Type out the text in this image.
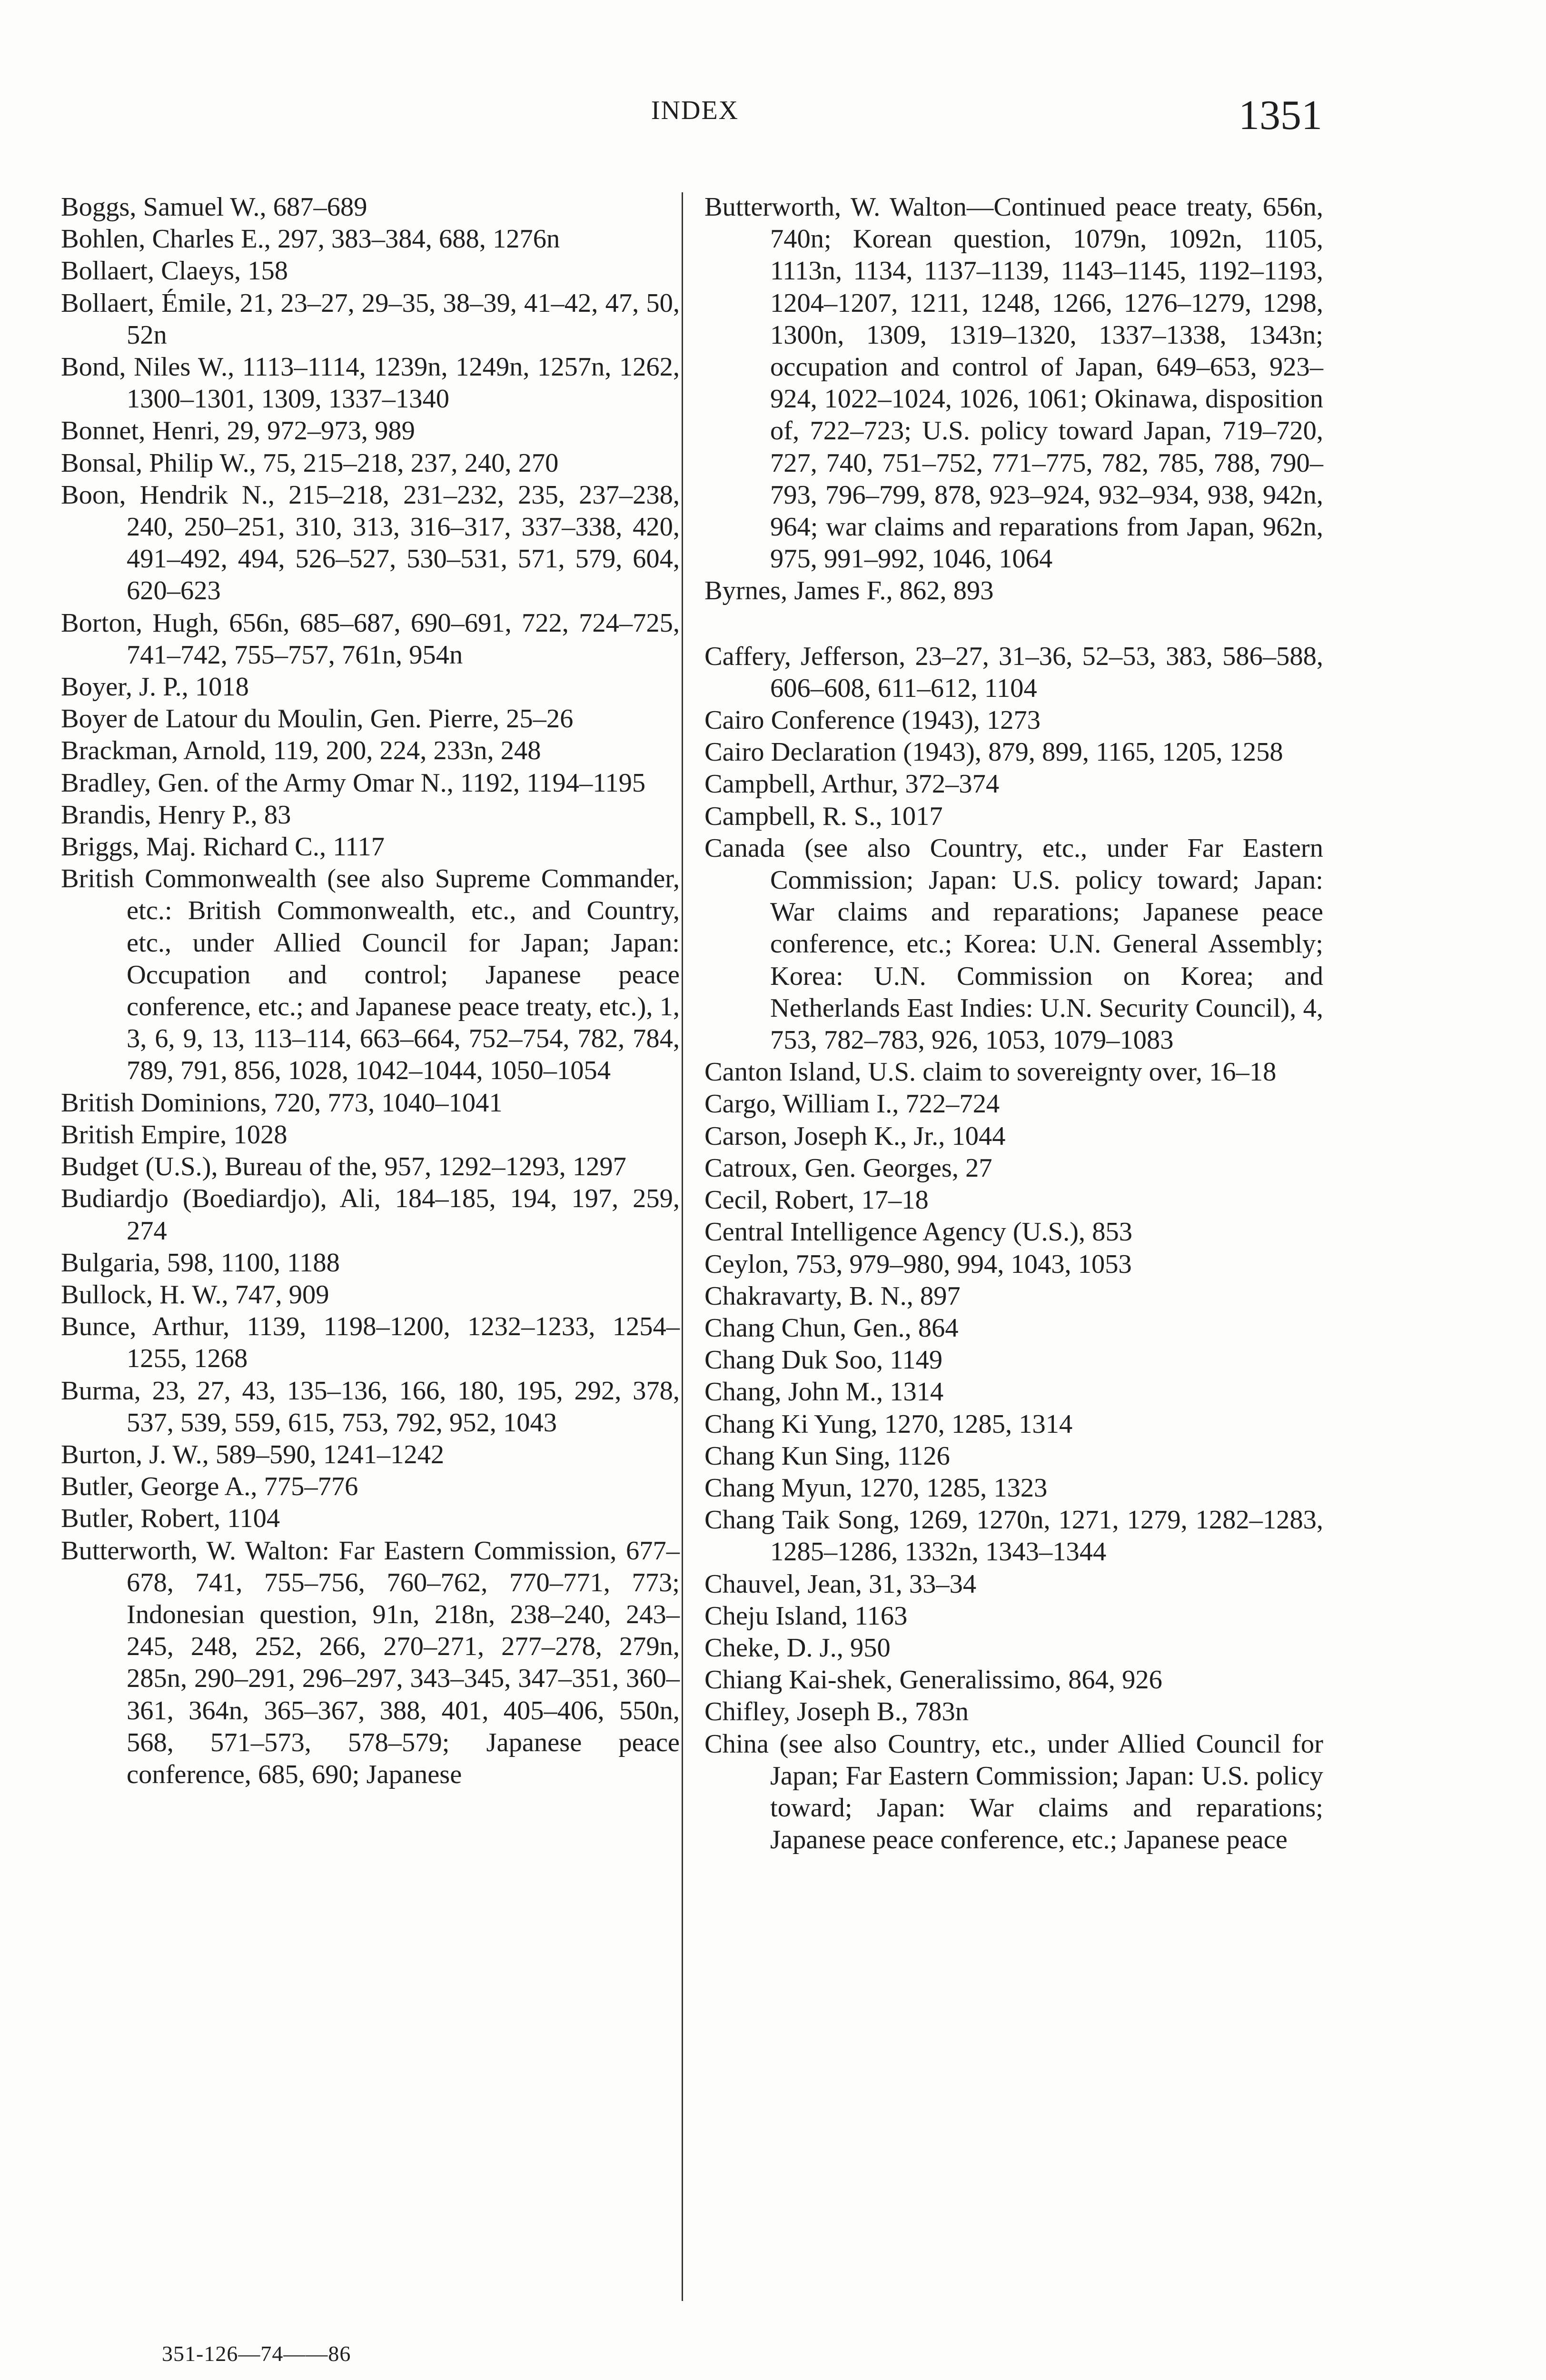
INDEX	1351

Boggs, Samuel W., 687–689

Bohlen, Charles E., 297, 383–384, 688, 1276n

Bollaert, Claeys, 158

Bollaert, Émile, 21, 23–27, 29–35, 38–39, 41–42, 47, 50, 52n

Bond, Niles W., 1113–1114, 1239n, 1249n, 1257n, 1262, 1300–1301, 1309, 1337–1340

Bonnet, Henri, 29, 972–973, 989

Bonsal, Philip W., 75, 215–218, 237, 240, 270

Boon, Hendrik N., 215–218, 231–232, 235, 237–238, 240, 250–251, 310, 313, 316–317, 337–338, 420, 491–492, 494, 526–527, 530–531, 571, 579, 604, 620–623

Borton, Hugh, 656n, 685–687, 690–691, 722, 724–725, 741–742, 755–757, 761n, 954n

Boyer, J. P., 1018

Boyer de Latour du Moulin, Gen. Pierre, 25–26

Brackman, Arnold, 119, 200, 224, 233n, 248

Bradley, Gen. of the Army Omar N., 1192, 1194–1195

Brandis, Henry P., 83

Briggs, Maj. Richard C., 1117

British Commonwealth (see also Supreme Commander, etc.: British Commonwealth, etc., and Country, etc., under Allied Council for Japan; Japan: Occupation and control; Japanese peace conference, etc.; and Japanese peace treaty, etc.), 1, 3, 6, 9, 13, 113–114, 663–664, 752–754, 782, 784, 789, 791, 856, 1028, 1042–1044, 1050–1054

British Dominions, 720, 773, 1040–1041

British Empire, 1028

Budget (U.S.), Bureau of the, 957, 1292–1293, 1297

Budiardjo (Boediardjo), Ali, 184–185, 194, 197, 259, 274

Bulgaria, 598, 1100, 1188

Bullock, H. W., 747, 909

Bunce, Arthur, 1139, 1198–1200, 1232–1233, 1254–1255, 1268

Burma, 23, 27, 43, 135–136, 166, 180, 195, 292, 378, 537, 539, 559, 615, 753, 792, 952, 1043

Burton, J. W., 589–590, 1241–1242

Butler, George A., 775–776

Butler, Robert, 1104

Butterworth, W. Walton: Far Eastern Commission, 677–678, 741, 755–756, 760–762, 770–771, 773; Indonesian question, 91n, 218n, 238–240, 243–245, 248, 252, 266, 270–271, 277–278, 279n, 285n, 290–291, 296–297, 343–345, 347–351, 360–361, 364n, 365–367, 388, 401, 405–406, 550n, 568, 571–573, 578–579; Japanese peace conference, 685, 690; Japanese

Butterworth, W. Walton—Continued peace treaty, 656n, 740n; Korean question, 1079n, 1092n, 1105, 1113n, 1134, 1137–1139, 1143–1145, 1192–1193, 1204–1207, 1211, 1248, 1266, 1276–1279, 1298, 1300n, 1309, 1319–1320, 1337–1338, 1343n; occupation and control of Japan, 649–653, 923–924, 1022–1024, 1026, 1061; Okinawa, disposition of, 722–723; U.S. policy toward Japan, 719–720, 727, 740, 751–752, 771–775, 782, 785, 788, 790–793, 796–799, 878, 923–924, 932–934, 938, 942n, 964; war claims and reparations from Japan, 962n, 975, 991–992, 1046, 1064

Byrnes, James F., 862, 893

Caffery, Jefferson, 23–27, 31–36, 52–53, 383, 586–588, 606–608, 611–612, 1104

Cairo Conference (1943), 1273

Cairo Declaration (1943), 879, 899, 1165, 1205, 1258

Campbell, Arthur, 372–374

Campbell, R. S., 1017

Canada (see also Country, etc., under Far Eastern Commission; Japan: U.S. policy toward; Japan: War claims and reparations; Japanese peace conference, etc.; Korea: U.N. General Assembly; Korea: U.N. Commission on Korea; and Netherlands East Indies: U.N. Security Council), 4, 753, 782–783, 926, 1053, 1079–1083

Canton Island, U.S. claim to sovereignty over, 16–18

Cargo, William I., 722–724

Carson, Joseph K., Jr., 1044

Catroux, Gen. Georges, 27

Cecil, Robert, 17–18

Central Intelligence Agency (U.S.), 853

Ceylon, 753, 979–980, 994, 1043, 1053

Chakravarty, B. N., 897

Chang Chun, Gen., 864

Chang Duk Soo, 1149

Chang, John M., 1314

Chang Ki Yung, 1270, 1285, 1314

Chang Kun Sing, 1126

Chang Myun, 1270, 1285, 1323

Chang Taik Song, 1269, 1270n, 1271, 1279, 1282–1283, 1285–1286, 1332n, 1343–1344

Chauvel, Jean, 31, 33–34

Cheju Island, 1163

Cheke, D. J., 950

Chiang Kai-shek, Generalissimo, 864, 926

Chifley, Joseph B., 783n

China (see also Country, etc., under Allied Council for Japan; Far Eastern Commission; Japan: U.S. policy toward; Japan: War claims and reparations; Japanese peace conference, etc.; Japanese peace

351-126—74——86
